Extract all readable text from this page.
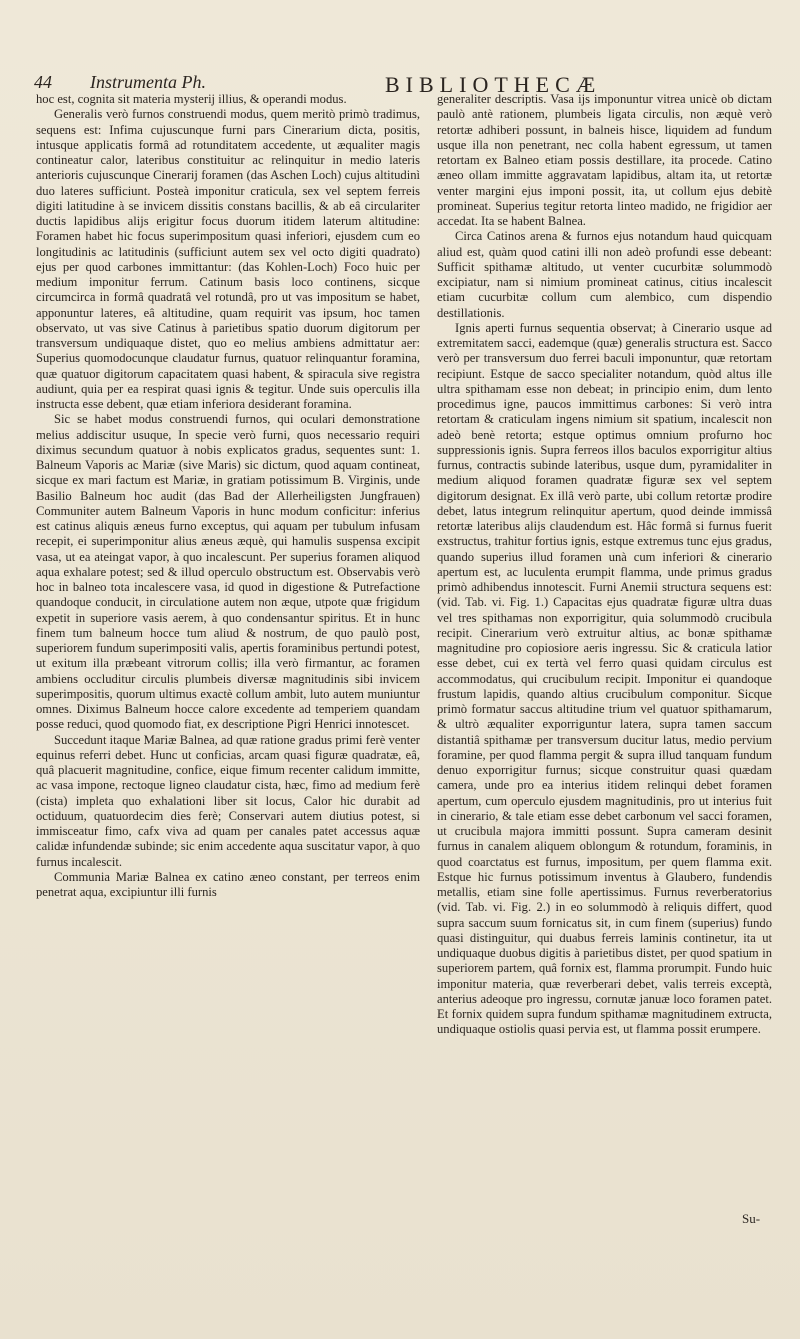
44 Instrumenta Ph.	BIBLIOTHECÆ

hoc est, cognita sit materia mysterij illius, & operandi modus.

Generalis verò furnos construendi modus, quem meritò primò tradimus, sequens est: Infima cujuscunque furni pars Cinerarium dicta, positis, intusque applicatis formâ ad rotunditatem accedente, ut æqualiter magis contineatur calor, lateribus constituitur ac relinquitur in medio lateris anterioris cujuscunque Cinerarij foramen (das Aschen Loch) cujus altitudinì duo lateres sufficiunt. Posteà imponitur craticula, sex vel septem ferreis digiti latitudine à se invicem dissitis constans bacillis, & ab eâ circulariter ductis lapidibus alijs erigitur focus duorum itidem laterum altitudine: Foramen habet hic focus superimpositum quasi inferiori, ejusdem cum eo longitudinis ac latitudinis (sufficiunt autem sex vel octo digiti quadrato) ejus per quod carbones immittantur: (das Kohlen-Loch) Foco huic per medium imponitur ferrum. Catinum basis loco continens, sicque circumcirca in formâ quadratâ vel rotundâ, pro ut vas impositum se habet, apponuntur lateres, eâ altitudine, quam requirit vas ipsum, hoc tamen observato, ut vas sive Catinus à parietibus spatio duorum digitorum per transversum undiquaque distet, quo eo melius ambiens admittatur aer: Superius quomodocunque claudatur furnus, quatuor relinquantur foramina, quæ quatuor digitorum capacitatem quasi habent, & spiracula sive registra audiunt, quia per ea respirat quasi ignis & tegitur. Unde suis operculis illa instructa esse debent, quæ etiam inferiora desiderant foramina.

Sic se habet modus construendi furnos, qui oculari demonstratione melius addiscitur usuque, In specie verò furni, quos necessario requiri diximus secundum quatuor à nobis explicatos gradus, sequentes sunt: 1. Balneum Vaporis ac Mariæ (sive Maris) sic dictum, quod aquam contineat, sicque ex mari factum est Mariæ, in gratiam potissimum B. Virginis, unde Basilio Balneum hoc audit (das Bad der Allerheiligsten Jungfrauen) Communiter autem Balneum Vaporis in hunc modum conficitur: inferius est catinus aliquis æneus furno exceptus, qui aquam per tubulum infusam recepit, ei superimponitur alius æneus æquè, qui hamulis suspensa excipit vasa, ut ea ateingat vapor, à quo incalescunt. Per superius foramen aliquod aqua exhalare potest; sed & illud operculo obstructum est. Observabis verò hoc in balneo tota incalescere vasa, id quod in digestione & Putrefactione quandoque conducit, in circulatione autem non æque, utpote quæ frigidum expetit in superiore vasis aerem, à quo condensantur spiritus. Et in hunc finem tum balneum hocce tum aliud & nostrum, de quo paulò post, superiorem fundum superimpositi valis, apertis foraminibus pertundi potest, ut exitum illa præbeant vitrorum collis; illa verò firmantur, ac foramen ambiens occluditur circulis plumbeis diversæ magnitudinis sibi invicem superimpositis, quorum ultimus exactè collum ambit, luto autem muniuntur omnes. Diximus Balneum hocce calore excedente ad temperiem quandam posse reduci, quod quomodo fiat, ex descriptione Pigri Henrici innotescet.

Succedunt itaque Mariæ Balnea, ad quæ ratione gradus primi ferè venter equinus referri debet. Hunc ut conficias, arcam quasi figuræ quadratæ, eâ, quâ placuerit magnitudine, confice, eique fimum recenter calidum immitte, ac vasa impone, rectoque ligneo claudatur cista, hæc, fimo ad medium ferè (cista) impleta quo exhalationi liber sit locus, Calor hic durabit ad octiduum, quatuordecim dies ferè; Conservari autem diutius potest, si immisceatur fimo, cafx viva ad quam per canales patet accessus aquæ calidæ infundendæ subinde; sic enim accedente aqua suscitatur vapor, à quo furnus incalescit.

Communia Mariæ Balnea ex catino æneo constant, per terreos enim penetrat aqua, excipiuntur illi furnis

generaliter descriptis. Vasa ijs imponuntur vitrea unicè ob dictam paulò antè rationem, plumbeis ligata circulis, non æquè verò retortæ adhiberi possunt, in balneis hisce, liquidem ad fundum usque illa non penetrant, nec colla habent egressum, ut tamen retortam ex Balneo etiam possis destillare, ita procede. Catino æneo ollam immitte aggravatam lapidibus, altam ita, ut retortæ venter margini ejus imponi possit, ita, ut collum ejus debitè promineat. Superius tegitur retorta linteo madido, ne frigidior aer accedat. Ita se habent Balnea.

Circa Catinos arena & furnos ejus notandum haud quicquam aliud est, quàm quod catini illi non adeò profundi esse debeant: Sufficit spithamæ altitudo, ut venter cucurbitæ solummodò excipiatur, nam si nimium promineat catinus, citius incalescit etiam cucurbitæ collum cum alembico, cum dispendio destillationis.

Ignis aperti furnus sequentia observat; à Cinerario usque ad extremitatem sacci, eademque (quæ) generalis structura est. Sacco verò per transversum duo ferrei baculi imponuntur, quæ retortam recipiunt. Estque de sacco specialiter notandum, quòd altus ille ultra spithamam esse non debeat; in principio enim, dum lento procedimus igne, paucos immittimus carbones: Si verò intra retortam & craticulam ingens nimium sit spatium, incalescit non adeò benè retorta; estque optimus omnium profurno hoc suppressionis ignis. Supra ferreos illos baculos exporrigitur altius furnus, contractis subinde lateribus, usque dum, pyramidaliter in medium aliquod foramen quadratæ figuræ sex vel septem digitorum designat. Ex illâ verò parte, ubi collum retortæ prodire debet, latus integrum relinquitur apertum, quod deinde immissâ retortæ lateribus alijs claudendum est. Hâc formâ si furnus fuerit exstructus, trahitur fortius ignis, estque extremus tunc ejus gradus, quando superius illud foramen unà cum inferiori & cinerario apertum est, ac luculenta erumpit flamma, unde primus gradus primò adhibendus innotescit. Furni Anemii structura sequens est: (vid. Tab. vi. Fig. 1.) Capacitas ejus quadratæ figuræ ultra duas vel tres spithamas non exporrigitur, quia solummodò crucibula recipit. Cinerarium verò extruitur altius, ac bonæ spithamæ magnitudine pro copiosiore aeris ingressu. Sic & craticula latior esse debet, cui ex tertà vel ferro quasi quidam circulus est accommodatus, qui crucibulum recipit. Imponitur ei quandoque frustum lapidis, quando altius crucibulum componitur. Sicque primò formatur saccus altitudine trium vel quatuor spithamarum, & ultrò æqualiter exporriguntur latera, supra tamen saccum distantiâ spithamæ per transversum ducitur latus, medio pervium foramine, per quod flamma pergit & supra illud tanquam fundum denuo exporrigitur furnus; sicque construitur quasi quædam camera, unde pro ea interius itidem relinqui debet foramen apertum, cum operculo ejusdem magnitudinis, pro ut interius fuit in cinerario, & tale etiam esse debet carbonum vel sacci foramen, ut crucibula majora immitti possunt. Supra cameram desinit furnus in canalem aliquem oblongum & rotundum, foraminis, in quod coarctatus est furnus, impositum, per quem flamma exit. Estque hic furnus potissimum inventus à Glaubero, fundendis metallis, etiam sine folle apertissimus. Furnus reverberatorius (vid. Tab. vi. Fig. 2.) in eo solummodò à reliquis differt, quod supra saccum suum fornicatus sit, in cum finem (superius) fundo quasi distinguitur, qui duabus ferreis laminis continetur, ita ut undiquaque duobus digitis à parietibus distet, per quod spatium in superiorem partem, quâ fornix est, flamma prorumpit. Fundo huic imponitur materia, quæ reverberari debet, valis terreis exceptà, anterius adeoque pro ingressu, cornutæ januæ loco foramen patet. Et fornix quidem supra fundum spithamæ magnitudinem extructa, undiquaque ostiolis quasi pervia est, ut flamma possit erumpere.

Su-
